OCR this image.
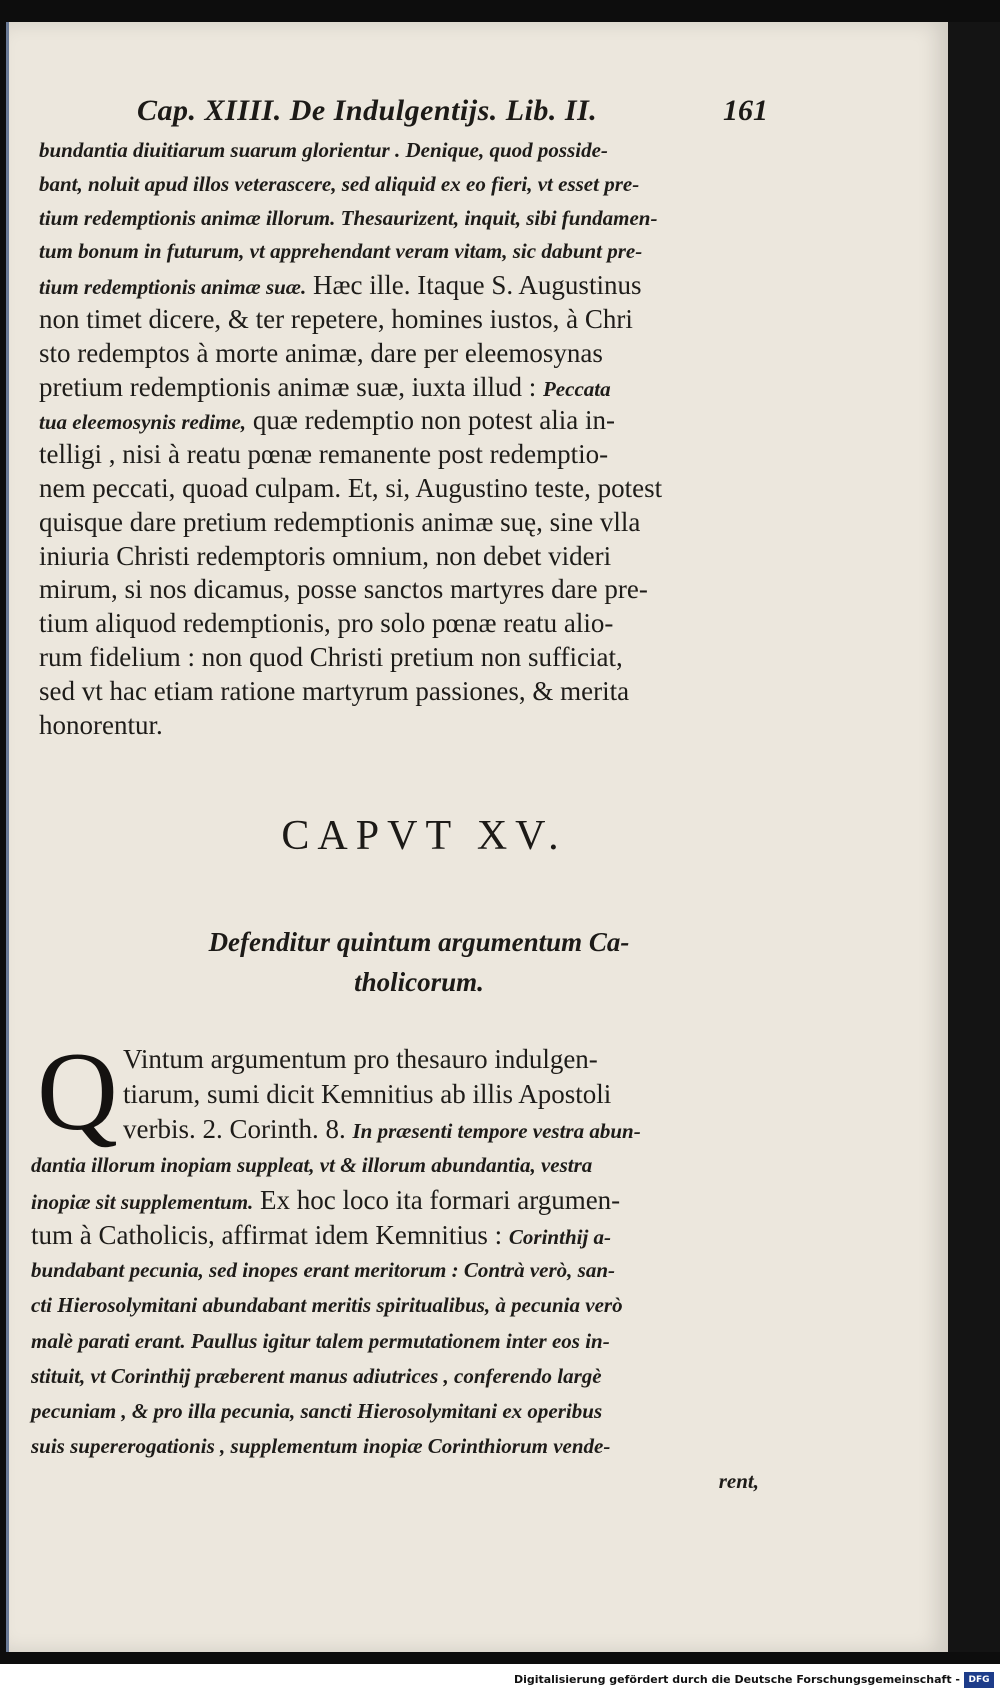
Cap. XIIII. De Indulgentijs. Lib. II.	161
bundantia diuitiarum suarum glorientur . Denique, quod possidе-
bant, noluit apud illos veterascere, sed aliquid ex eo fieri, vt esset pre-
tium redemptionis animæ illorum. Thesaurizent, inquit, sibi fundamen-
tum bonum in futurum, vt apprehendant veram vitam, sic dabunt pre-
tium redemptionis animæ suæ. Hæc ille. Itaque S. Augustinus
non timet dicere, & ter repetere, homines iustos, à Chri
sto redemptos à morte animæ, dare per eleemosynas
pretium redemptionis animæ suæ, iuxta illud : Peccata
tua eleemosynis redime, quæ redemptio non potest alia in-
telligi , nisi à reatu pœnæ remanente post redemptio-
nem peccati, quoad culpam. Et, si, Augustino teste, potest
quisque dare pretium redemptionis animæ suę, sine vlla
iniuria Christi redemptoris omnium, non debet videri
mirum, si nos dicamus, posse sanctos martyres dare pre-
tium aliquod redemptionis, pro solo pœnæ reatu alio-
rum fidelium : non quod Christi pretium non sufficiat,
sed vt hac etiam ratione martyrum passiones, & merita
honorentur.
CAPVT XV.
Defenditur quintum argumentum Ca-
tholicorum.
Q Vintum argumentum pro thesauro indulgen-
tiarum, sumi dicit Kemnitius ab illis Apostoli
verbis. 2. Corinth. 8. In præsenti tempore vestra abun-
dantia illorum inopiam suppleat, vt & illorum abundantia, vestra
inopiæ sit supplementum. Ex hoc loco ita formari argumen-
tum à Catholicis, affirmat idem Kemnitius : Corinthij a-
bundabant pecunia, sed inopes erant meritorum : Contrà verò, san-
cti Hierosolymitani abundabant meritis spiritualibus, à pecunia verò
malè parati erant. Paullus igitur talem permutationem inter eos in-
stituit, vt Corinthij præberent manus adiutrices , conferendo largè
pecuniam , & pro illa pecunia, sancti Hierosolymitani ex operibus
suis supererogationis , supplementum inopiæ Corinthiorum vende-
rent,
Digitalisierung gefördert durch die Deutsche Forschungsgemeinschaft - DFG
